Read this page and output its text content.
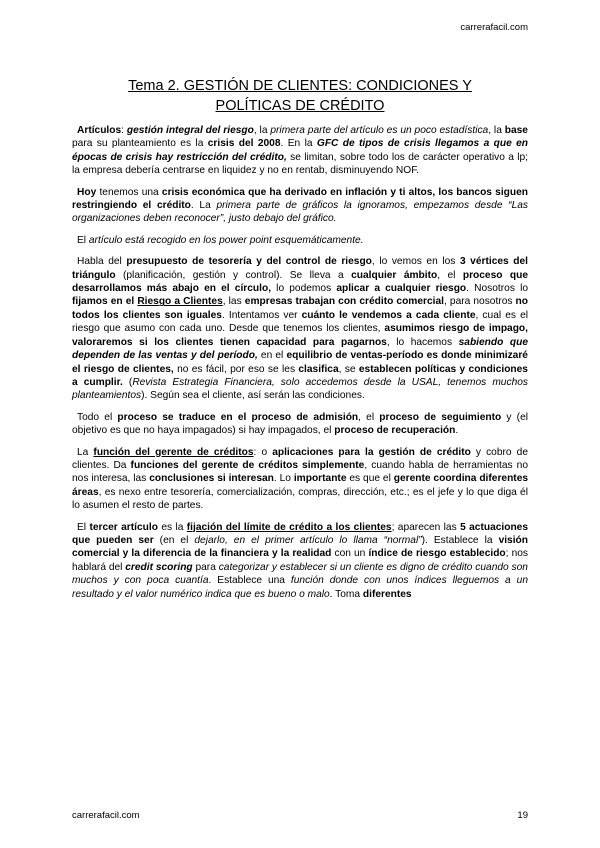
carrerafacil.com
Tema 2. GESTIÓN DE CLIENTES: CONDICIONES Y
POLÍTICAS DE CRÉDITO

Artículos: gestión integral del riesgo, la primera parte del artículo es un poco estadística, la base para su planteamiento es la crisis del 2008. En la GFC de tipos de crisis llegamos a que en épocas de crisis hay restricción del crédito, se limitan, sobre todo los de carácter operativo a lp; la empresa debería centrarse en liquidez y no en rentab, disminuyendo NOF.

Hoy tenemos una crisis económica que ha derivado en inflación y ti altos, los bancos siguen restringiendo el crédito. La primera parte de gráficos la ignoramos, empezamos desde “Las organizaciones deben reconocer”, justo debajo del gráfico.

El artículo está recogido en los power point esquemáticamente.

Habla del presupuesto de tesorería y del control de riesgo, lo vemos en los 3 vértices del triángulo (planificación, gestión y control). Se lleva a cualquier ámbito, el proceso que desarrollamos más abajo en el círculo, lo podemos aplicar a cualquier riesgo. Nosotros lo fijamos en el Riesgo a Clientes, las empresas trabajan con crédito comercial, para nosotros no todos los clientes son iguales. Intentamos ver cuánto le vendemos a cada cliente, cual es el riesgo que asumo con cada uno. Desde que tenemos los clientes, asumimos riesgo de impago, valoraremos si los clientes tienen capacidad para pagarnos, lo hacemos sabiendo que dependen de las ventas y del período, en el equilibrio de ventas-período es donde minimizaré el riesgo de clientes, no es fácil, por eso se les clasifica, se establecen políticas y condiciones a cumplir. (Revista Estrategia Financiera, solo accedemos desde la USAL, tenemos muchos planteamientos). Según sea el cliente, así serán las condiciones.

Todo el proceso se traduce en el proceso de admisión, el proceso de seguimiento y (el objetivo es que no haya impagados) si hay impagados, el proceso de recuperación.

La función del gerente de créditos: o aplicaciones para la gestión de crédito y cobro de clientes. Da funciones del gerente de créditos simplemente, cuando habla de herramientas no nos interesa, las conclusiones si interesan. Lo importante es que el gerente coordina diferentes áreas, es nexo entre tesorería, comercialización, compras, dirección, etc.; es el jefe y lo que diga él lo asumen el resto de partes.

El tercer artículo es la fijación del límite de crédito a los clientes; aparecen las 5 actuaciones que pueden ser (en el dejarlo, en el primer artículo lo llama “normal”). Establece la visión comercial y la diferencia de la financiera y la realidad con un índice de riesgo establecido; nos hablará del credit scoring para categorizar y establecer si un cliente es digno de crédito cuando son muchos y con poca cuantía. Establece una función donde con unos índices lleguemos a un resultado y el valor numérico indica que es bueno o malo. Toma diferentes

carrerafacil.com	19
